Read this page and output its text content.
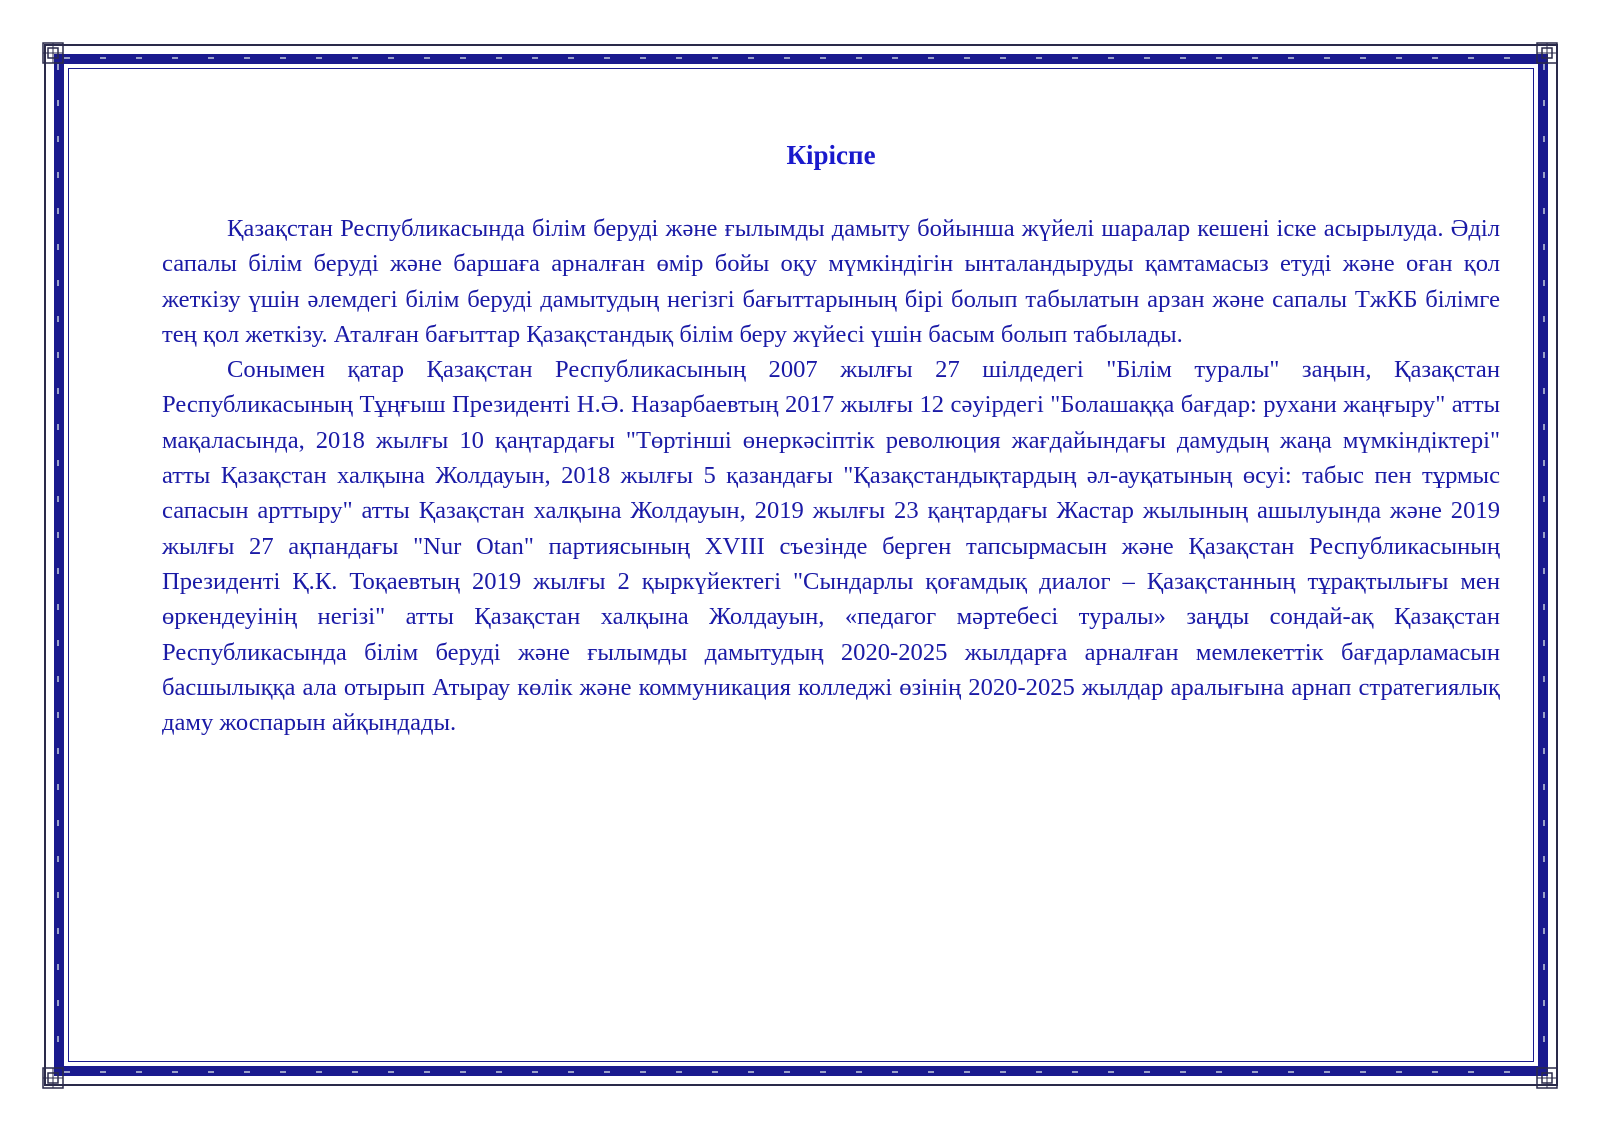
Кіріспе

Қазақстан Республикасында білім беруді және ғылымды дамыту бойынша жүйелі шаралар кешені іске асырылуда. Әділ сапалы білім беруді және баршаға арналған өмір бойы оқу мүмкіндігін ынталандыруды қамтамасыз етуді және оған қол жеткізу үшін әлемдегі білім беруді дамытудың негізгі бағыттарының бірі болып табылатын арзан және сапалы ТжКБ білімге тең қол жеткізу. Аталған бағыттар Қазақстандық білім беру жүйесі үшін басым болып табылады.

Сонымен қатар Қазақстан Республикасының 2007 жылғы 27 шілдедегі "Білім туралы" заңын, Қазақстан Республикасының Тұңғыш Президенті Н.Ә. Назарбаевтың 2017 жылғы 12 сәуірдегі "Болашаққа бағдар: рухани жаңғыру" атты мақаласында, 2018 жылғы 10 қаңтардағы "Төртінші өнеркәсіптік революция жағдайындағы дамудың жаңа мүмкіндіктері" атты Қазақстан халқына Жолдауын, 2018 жылғы 5 қазандағы "Қазақстандықтардың әл-ауқатының өсуі: табыс пен тұрмыс сапасын арттыру" атты Қазақстан халқына Жолдауын, 2019 жылғы 23 қаңтардағы Жастар жылының ашылуында және 2019 жылғы 27 ақпандағы "Nur Otan" партиясының XVIII съезінде берген тапсырмасын және Қазақстан Республикасының Президенті Қ.К. Тоқаевтың 2019 жылғы 2 қыркүйектегі "Сындарлы қоғамдық диалог – Қазақстанның тұрақтылығы мен өркендеуінің негізі" атты Қазақстан халқына Жолдауын, «педагог мәртебесі туралы» заңды сондай-ақ Қазақстан Республикасында білім беруді және ғылымды дамытудың 2020-2025 жылдарға арналған мемлекеттік бағдарламасын басшылыққа ала отырып Атырау көлік және коммуникация колледжі өзінің 2020-2025 жылдар аралығына арнап стратегиялық даму жоспарын айқындады.
